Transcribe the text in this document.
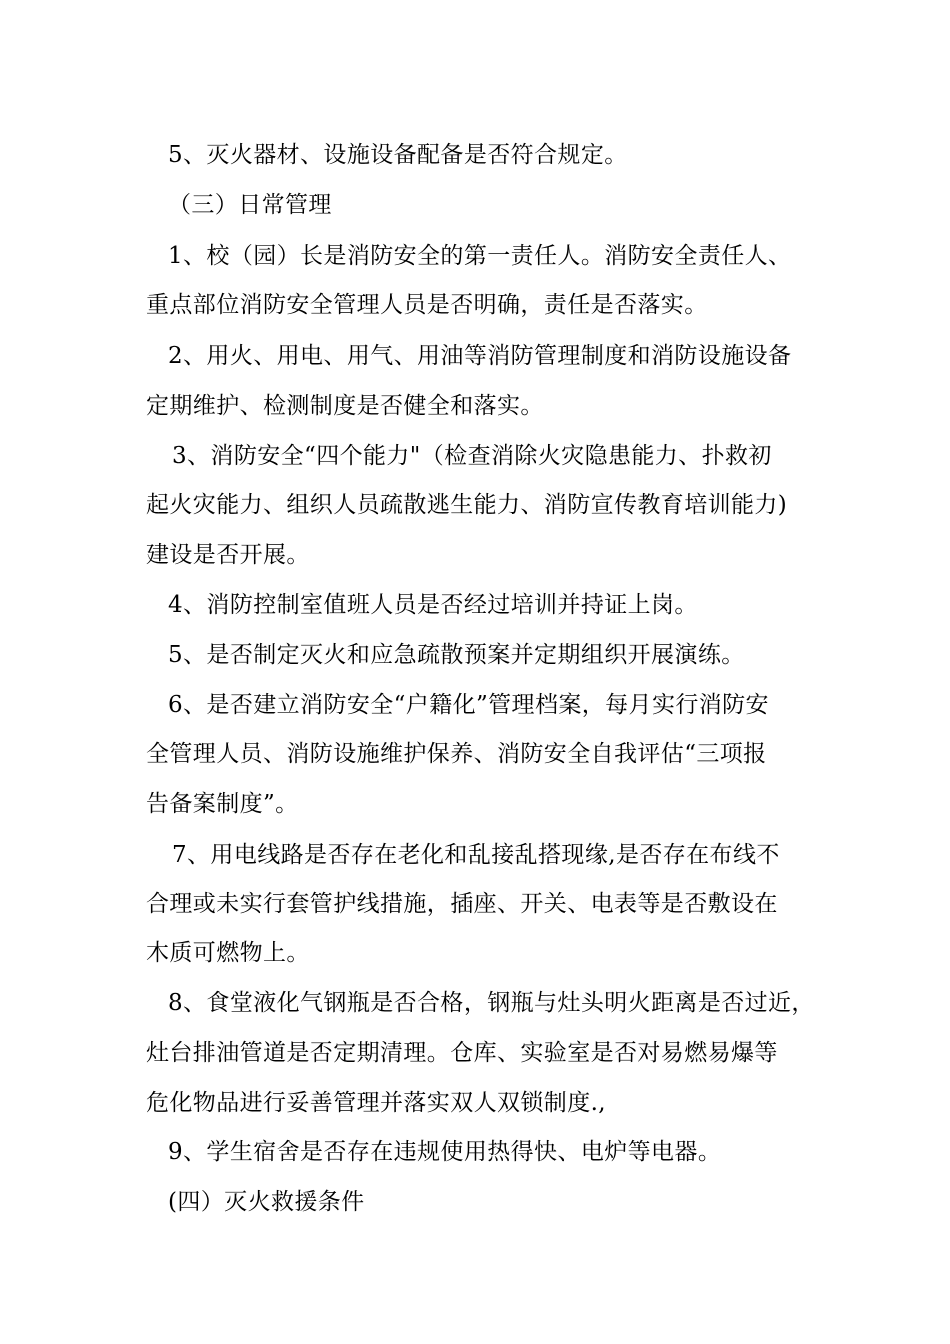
5、灭火器材、设施设备配备是否符合规定。
（三）日常管理
1、校（园）长是消防安全的第一责任人。消防安全责任人、
重点部位消防安全管理人员是否明确，责任是否落实。
2、用火、用电、用气、用油等消防管理制度和消防设施设备
定期维护、检测制度是否健全和落实。
3、消防安全“四个能力"（检查消除火灾隐患能力、扑救初
起火灾能力、组织人员疏散逃生能力、消防宣传教育培训能力)
建设是否开展。
4、消防控制室值班人员是否经过培训并持证上岗。
5、是否制定灭火和应急疏散预案并定期组织开展演练。
6、是否建立消防安全“户籍化”管理档案，每月实行消防安
全管理人员、消防设施维护保养、消防安全自我评估“三项报
告备案制度”。
7、用电线路是否存在老化和乱接乱搭现缘,是否存在布线不
合理或未实行套管护线措施，插座、开关、电表等是否敷设在
木质可燃物上。
8、食堂液化气钢瓶是否合格，钢瓶与灶头明火距离是否过近，
灶台排油管道是否定期清理。仓库、实验室是否对易燃易爆等
危化物品进行妥善管理并落实双人双锁制度.,
9、学生宿舍是否存在违规使用热得快、电炉等电器。
(四）灭火救援条件
